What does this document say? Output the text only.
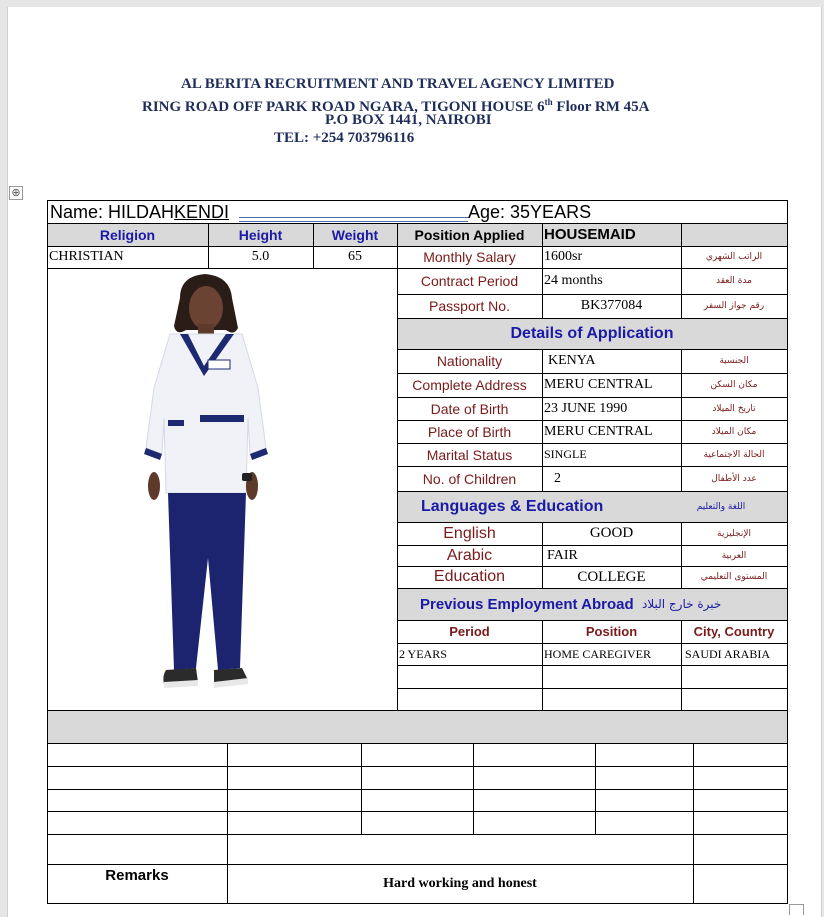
AL BERITA RECRUITMENT AND TRAVEL AGENCY LIMITED
RING ROAD OFF PARK ROAD NGARA, TIGONI HOUSE 6th Floor RM 45A
P.O BOX 1441, NAIROBI
TEL: +254 703796116
⊕
Name: HILDAH KENDI	Age: 35YEARS
Religion	Height	Weight	Position Applied	HOUSEMAID
CHRISTIAN	5.0	65	Monthly Salary	1600sr	الراتب الشهري
Contract Period	24 months	مدة العقد
Passport No.	BK377084	رقم جواز السفر
Details of Application
Nationality	KENYA	الجنسية
Complete Address	MERU CENTRAL	مكان السكن
Date of Birth	23 JUNE 1990	تاريخ الميلاد
Place of Birth	MERU CENTRAL	مكان الميلاد
Marital Status	SINGLE	الحالة الاجتماعية
No. of Children	2	عدد الأطفال
Languages & Education	اللغة والتعليم
English	GOOD	الإنجليزية
Arabic	FAIR	العربية
Education	COLLEGE	المستوى التعليمي
Previous Employment Abroad خبرة خارج البلاد
Period	Position	City, Country
2 YEARS	HOME CAREGIVER	SAUDI ARABIA
Remarks	Hard working and honest
